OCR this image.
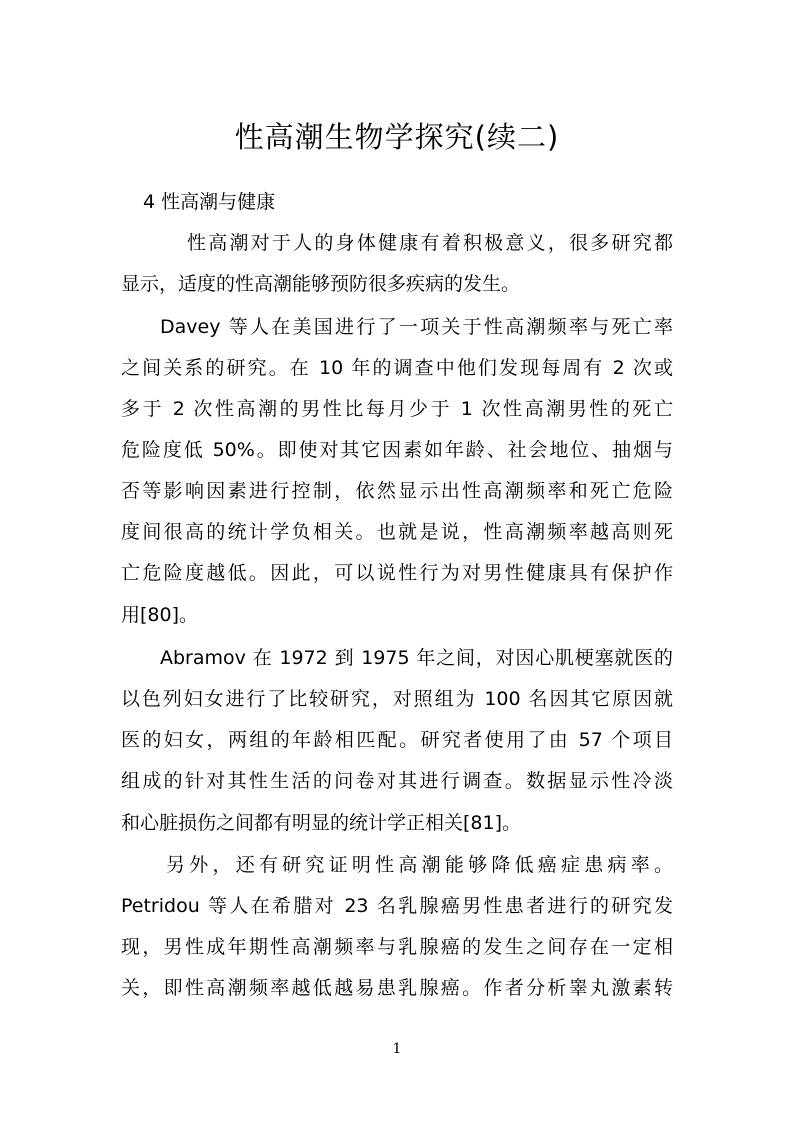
性高潮生物学探究(续二)
4 性高潮与健康
性高潮对于人的身体健康有着积极意义，很多研究都
显示，适度的性高潮能够预防很多疾病的发生。
Davey 等人在美国进行了一项关于性高潮频率与死亡率
之间关系的研究。在 10 年的调查中他们发现每周有 2 次或
多于 2 次性高潮的男性比每月少于 1 次性高潮男性的死亡
危险度低 50%。即使对其它因素如年龄、社会地位、抽烟与
否等影响因素进行控制，依然显示出性高潮频率和死亡危险
度间很高的统计学负相关。也就是说，性高潮频率越高则死
亡危险度越低。因此，可以说性行为对男性健康具有保护作
用[80]。
Abramov 在 1972 到 1975 年之间，对因心肌梗塞就医的
以色列妇女进行了比较研究，对照组为 100 名因其它原因就
医的妇女，两组的年龄相匹配。研究者使用了由 57 个项目
组成的针对其性生活的问卷对其进行调查。数据显示性冷淡
和心脏损伤之间都有明显的统计学正相关[81]。
另外，还有研究证明性高潮能够降低癌症患病率。
Petridou 等人在希腊对 23 名乳腺癌男性患者进行的研究发
现，男性成年期性高潮频率与乳腺癌的发生之间存在一定相
关，即性高潮频率越低越易患乳腺癌。作者分析睾丸激素转
1
